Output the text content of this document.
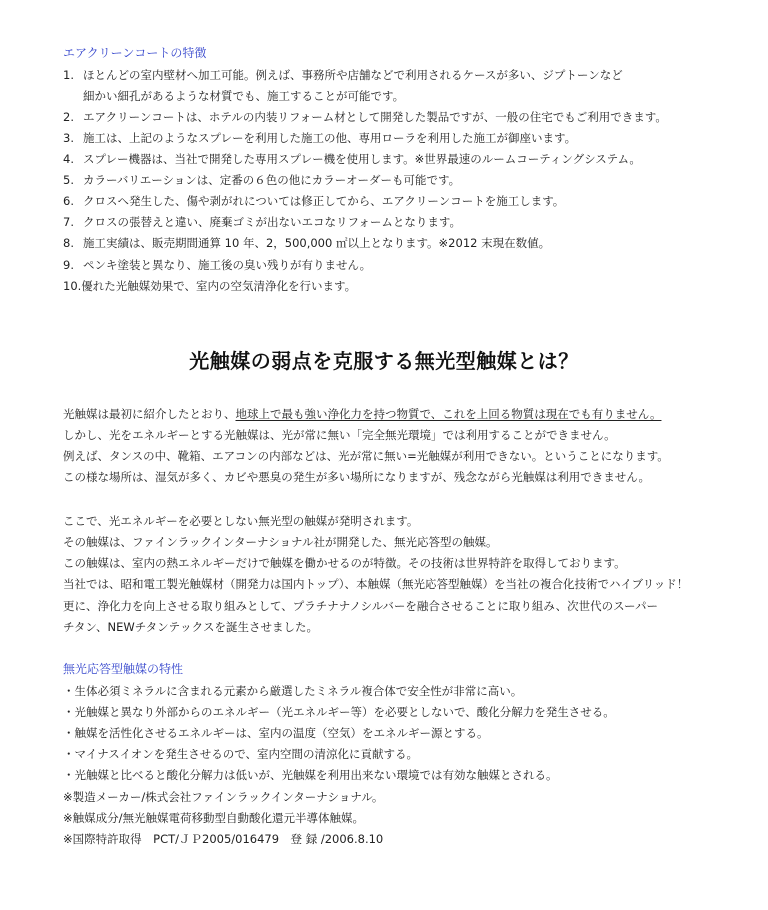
エアクリーンコートの特徴
1. ほとんどの室内壁材へ加工可能。例えば、事務所や店舗などで利用されるケースが多い、ジプトーンなど
細かい細孔があるような材質でも、施工することが可能です。
2. エアクリーンコートは、ホテルの内装リフォーム材として開発した製品ですが、一般の住宅でもご利用できます。
3. 施工は、上記のようなスプレーを利用した施工の他、専用ローラを利用した施工が御座います。
4. スプレー機器は、当社で開発した専用スプレー機を使用します。※世界最速のルームコーティングシステム。
5. カラーバリエーションは、定番の６色の他にカラーオーダーも可能です。
6. クロスへ発生した、傷や剥がれについては修正してから、エアクリーンコートを施工します。
7. クロスの張替えと違い、廃棄ゴミが出ないエコなリフォームとなります。
8. 施工実績は、販売期間通算 10 年、2，500,000 ㎡以上となります。※2012 末現在数値。
9. ペンキ塗装と異なり、施工後の臭い残りが有りません。
10.優れた光触媒効果で、室内の空気清浄化を行います。
光触媒の弱点を克服する無光型触媒とは？
光触媒は最初に紹介したとおり、地球上で最も強い浄化力を持つ物質で、これを上回る物質は現在でも有りません。
しかし、光をエネルギーとする光触媒は、光が常に無い「完全無光環境」では利用することができません。
例えば、タンスの中、靴箱、エアコンの内部などは、光が常に無い=光触媒が利用できない。ということになります。
この様な場所は、湿気が多く、カビや悪臭の発生が多い場所になりますが、残念ながら光触媒は利用できません。
ここで、光エネルギーを必要としない無光型の触媒が発明されます。
その触媒は、ファインラックインターナショナル社が開発した、無光応答型の触媒。
この触媒は、室内の熱エネルギーだけで触媒を働かせるのが特徴。その技術は世界特許を取得しております。
当社では、昭和電工製光触媒材（開発力は国内トップ）、本触媒（無光応答型触媒）を当社の複合化技術でハイブリッド！
更に、浄化力を向上させる取り組みとして、プラチナナノシルバーを融合させることに取り組み、次世代のスーパー
チタン、NEWチタンテックスを誕生させました。
無光応答型触媒の特性
・生体必須ミネラルに含まれる元素から厳選したミネラル複合体で安全性が非常に高い。
・光触媒と異なり外部からのエネルギー（光エネルギー等）を必要としないで、酸化分解力を発生させる。
・触媒を活性化させるエネルギーは、室内の温度（空気）をエネルギー源とする。
・マイナスイオンを発生させるので、室内空間の清涼化に貢献する。
・光触媒と比べると酸化分解力は低いが、光触媒を利用出来ない環境では有効な触媒とされる。
※製造メーカー/株式会社ファインラックインターナショナル。
※触媒成分/無光触媒電荷移動型自動酸化還元半導体触媒。
※国際特許取得　PCT/ＪＰ2005/016479　登 録 /2006.8.10
